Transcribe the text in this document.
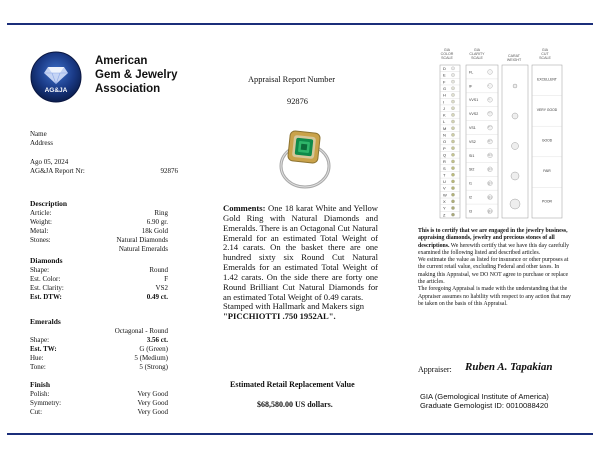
AG&JA
American
Gem & Jewelry
Association
Appraisal Report Number
92876
Name
Address
Ago 05, 2024
AG&JA Report Nr:	92876
Description
Article:	Ring
Weight:	6.90 gr.
Metal:	18k Gold
Stones:	Natural Diamonds
Natural Emeralds
Diamonds
Shape:	Round
Est. Color:	F
Est. Clarity:	VS2
Est. DTW:	0.49 ct.
Emeralds
Octagonal - Round
Shape:	3.56 ct.
Est. TW:	G (Green)
Hue:	5 (Medium)
Tone:	5 (Strong)
Finish
Polish:	Very Good
Symmetry:	Very Good
Cut:	Very Good
Comments: One 18 karat White and Yellow Gold Ring with Natural Diamonds and Emeralds. There is an Octagonal Cut Natural Emerald for an estimated Total Weight of 2.14 carats. On the basket there are one hundred sixty six Round Cut Natural Emeralds for an estimated Total Weight of 1.42 carats. On the side there are forty one Round Brilliant Cut Natural Diamonds for an estimated Total Weight of 0.49 carats.
Stamped with Hallmark and Makers sign
"PICCHIOTTI .750 1952AL".
Estimated Retail Replacement Value
$68,580.00 US dollars.
GIA
COLOR
SCALE
GIA
CLARITY
SCALE
CARAT
WEIGHT
GIA
CUT
SCALE
D
E
F
G
H
I
J
K
L
M
N
O
P
Q
R
S
T
U
V
W
X
Y
Z
FL
IF
VVS1
VVS2
VS1
VS2
SI1
SI2
I1
I2
I3
EXCELLENT
VERY GOOD
GOOD
FAIR
POOR
This is to certify that we are engaged in the jewelry business, appraising diamonds, jewelry and precious stones of all descriptions. We herewith certify that we have this day carefully examined the following listed and described articles.
We estimate the value as listed for insurance or other purposes at the current retail value, excluding Federal and other taxes. In making this Appraisal, we DO NOT agree to purchase or replace the articles.
The foregoing Appraisal is made with the understanding that the Appraiser assumes no liability with respect to any action that may be taken on the basis of this Appraisal.
Appraiser: Ruben A. Tapakian
GIA (Gemological Institute of America)
Graduate Gemologist ID: 0010088420
